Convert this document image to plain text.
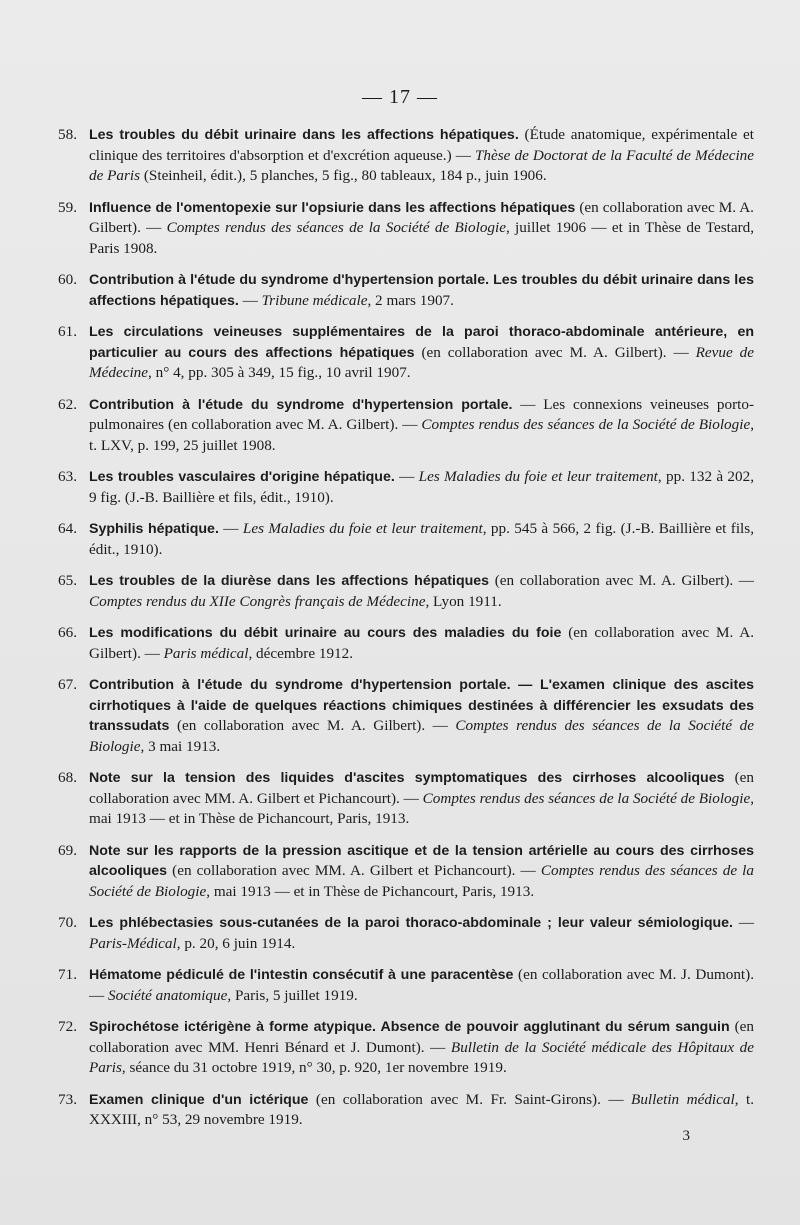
— 17 —
58. Les troubles du débit urinaire dans les affections hépatiques. (Étude anatomique, expérimentale et clinique des territoires d'absorption et d'excrétion aqueuse.) — Thèse de Doctorat de la Faculté de Médecine de Paris (Steinheil, édit.), 5 planches, 5 fig., 80 tableaux, 184 p., juin 1906.
59. Influence de l'omentopexie sur l'opsiurie dans les affections hépatiques (en collaboration avec M. A. Gilbert). — Comptes rendus des séances de la Société de Biologie, juillet 1906 — et in Thèse de Testard, Paris 1908.
60. Contribution à l'étude du syndrome d'hypertension portale. Les troubles du débit urinaire dans les affections hépatiques. — Tribune médicale, 2 mars 1907.
61. Les circulations veineuses supplémentaires de la paroi thoraco-abdominale antérieure, en particulier au cours des affections hépatiques (en collaboration avec M. A. Gilbert). — Revue de Médecine, n° 4, pp. 305 à 349, 15 fig., 10 avril 1907.
62. Contribution à l'étude du syndrome d'hypertension portale. — Les connexions veineuses porto-pulmonaires (en collaboration avec M. A. Gilbert). — Comptes rendus des séances de la Société de Biologie, t. LXV, p. 199, 25 juillet 1908.
63. Les troubles vasculaires d'origine hépatique. — Les Maladies du foie et leur traitement, pp. 132 à 202, 9 fig. (J.-B. Baillière et fils, édit., 1910).
64. Syphilis hépatique. — Les Maladies du foie et leur traitement, pp. 545 à 566, 2 fig. (J.-B. Baillière et fils, édit., 1910).
65. Les troubles de la diurèse dans les affections hépatiques (en collaboration avec M. A. Gilbert). — Comptes rendus du XIIe Congrès français de Médecine, Lyon 1911.
66. Les modifications du débit urinaire au cours des maladies du foie (en collaboration avec M. A. Gilbert). — Paris médical, décembre 1912.
67. Contribution à l'étude du syndrome d'hypertension portale. — L'examen clinique des ascites cirrhotiques à l'aide de quelques réactions chimiques destinées à différencier les exsudats des transsudats (en collaboration avec M. A. Gilbert). — Comptes rendus des séances de la Société de Biologie, 3 mai 1913.
68. Note sur la tension des liquides d'ascites symptomatiques des cirrhoses alcooliques (en collaboration avec MM. A. Gilbert et Pichancourt). — Comptes rendus des séances de la Société de Biologie, mai 1913 — et in Thèse de Pichancourt, Paris, 1913.
69. Note sur les rapports de la pression ascitique et de la tension artérielle au cours des cirrhoses alcooliques (en collaboration avec MM. A. Gilbert et Pichancourt). — Comptes rendus des séances de la Société de Biologie, mai 1913 — et in Thèse de Pichancourt, Paris, 1913.
70. Les phlébectasies sous-cutanées de la paroi thoraco-abdominale ; leur valeur sémiologique. — Paris-Médical, p. 20, 6 juin 1914.
71. Hématome pédiculé de l'intestin consécutif à une paracentèse (en collaboration avec M. J. Dumont). — Société anatomique, Paris, 5 juillet 1919.
72. Spirochétose ictérigène à forme atypique. Absence de pouvoir agglutinant du sérum sanguin (en collaboration avec MM. Henri Bénard et J. Dumont). — Bulletin de la Société médicale des Hôpitaux de Paris, séance du 31 octobre 1919, n° 30, p. 920, 1er novembre 1919.
73. Examen clinique d'un ictérique (en collaboration avec M. Fr. Saint-Girons). — Bulletin médical, t. XXXIII, n° 53, 29 novembre 1919.
3
